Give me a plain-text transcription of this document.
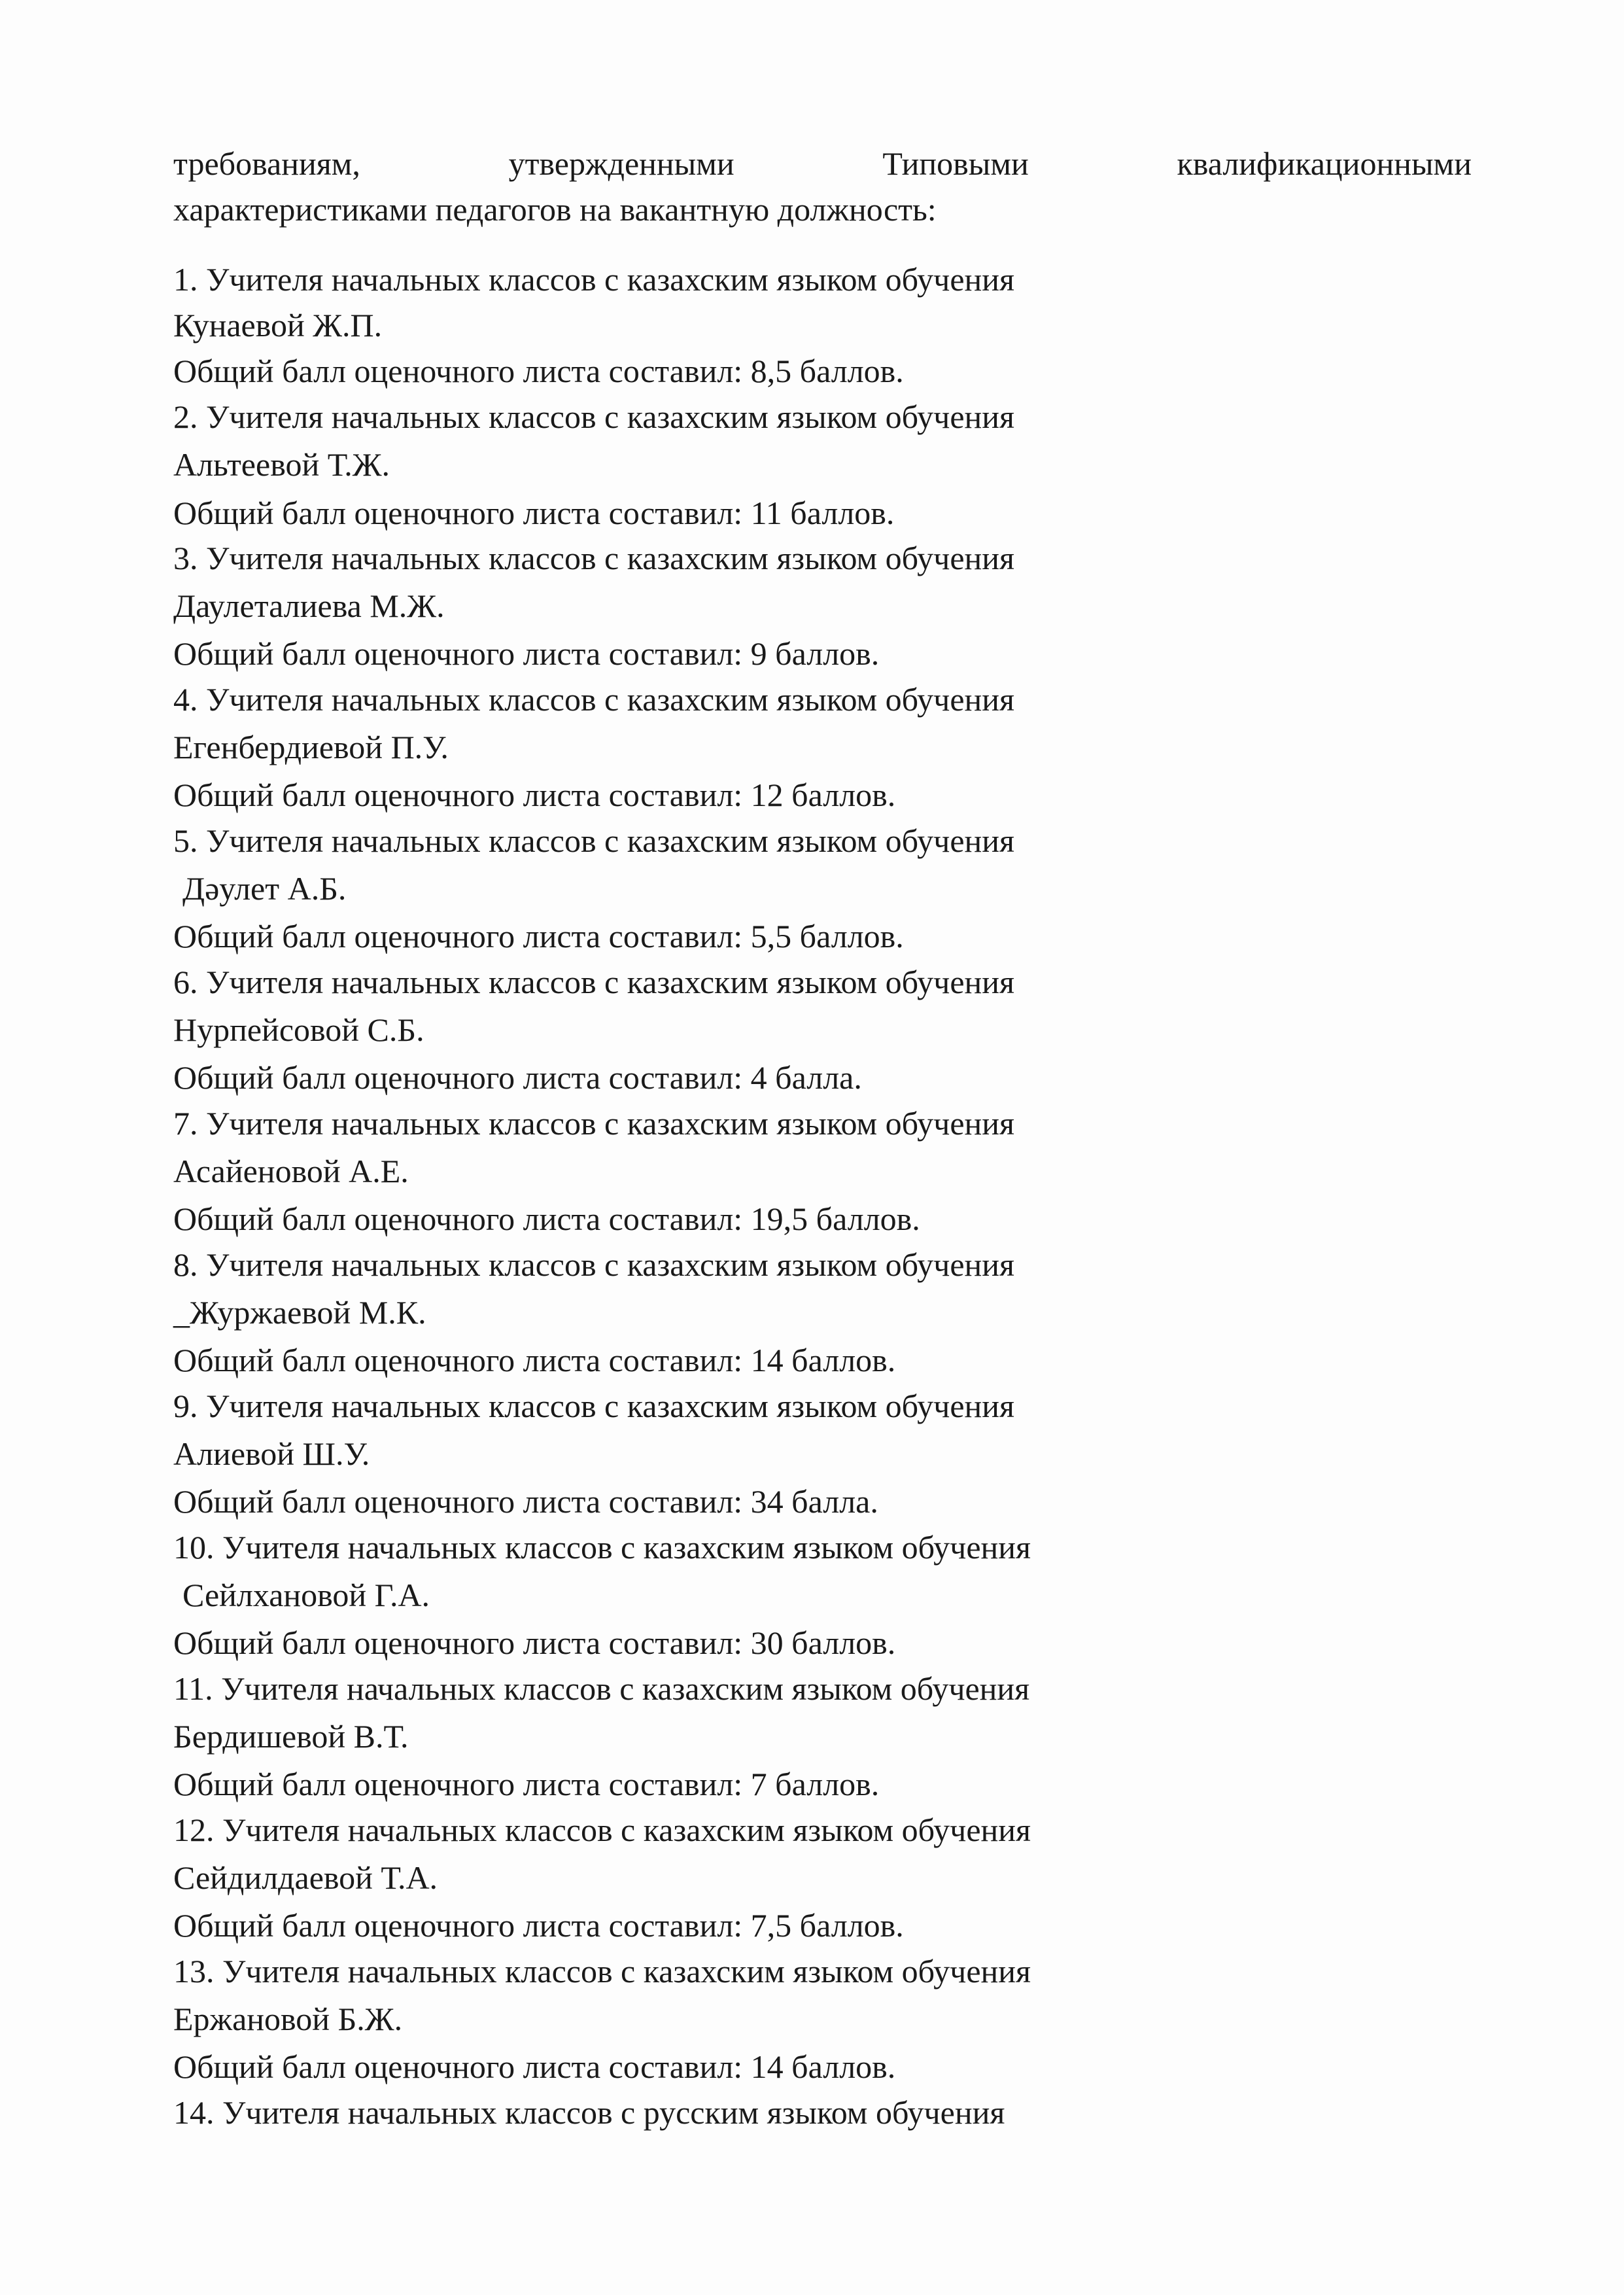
требованиям,	утвержденными	Типовыми	квалификационными
характеристиками педагогов на вакантную должность:
1. Учителя начальных классов с казахским языком обучения
Кунаевой Ж.П.
Общий балл оценочного листа составил: 8,5 баллов.
2. Учителя начальных классов с казахским языком обучения
Альтеевой Т.Ж.
Общий балл оценочного листа составил: 11 баллов.
3. Учителя начальных классов с казахским языком обучения
Даулеталиева М.Ж.
Общий балл оценочного листа составил: 9 баллов.
4. Учителя начальных классов с казахским языком обучения
Егенбердиевой П.У.
Общий балл оценочного листа составил: 12 баллов.
5. Учителя начальных классов с казахским языком обучения
Дәулет А.Б.
Общий балл оценочного листа составил: 5,5 баллов.
6. Учителя начальных классов с казахским языком обучения
Нурпейсовой С.Б.
Общий балл оценочного листа составил: 4 балла.
7. Учителя начальных классов с казахским языком обучения
Асайеновой А.Е.
Общий балл оценочного листа составил: 19,5 баллов.
8. Учителя начальных классов с казахским языком обучения
_Журжаевой М.К.
Общий балл оценочного листа составил: 14 баллов.
9. Учителя начальных классов с казахским языком обучения
Алиевой Ш.У.
Общий балл оценочного листа составил: 34 балла.
10. Учителя начальных классов с казахским языком обучения
Сейлхановой Г.А.
Общий балл оценочного листа составил: 30 баллов.
11. Учителя начальных классов с казахским языком обучения
Бердишевой В.Т.
Общий балл оценочного листа составил: 7 баллов.
12. Учителя начальных классов с казахским языком обучения
Сейдилдаевой Т.А.
Общий балл оценочного листа составил: 7,5 баллов.
13. Учителя начальных классов с казахским языком обучения
Ержановой Б.Ж.
Общий балл оценочного листа составил: 14 баллов.
14. Учителя начальных классов с русским языком обучения
